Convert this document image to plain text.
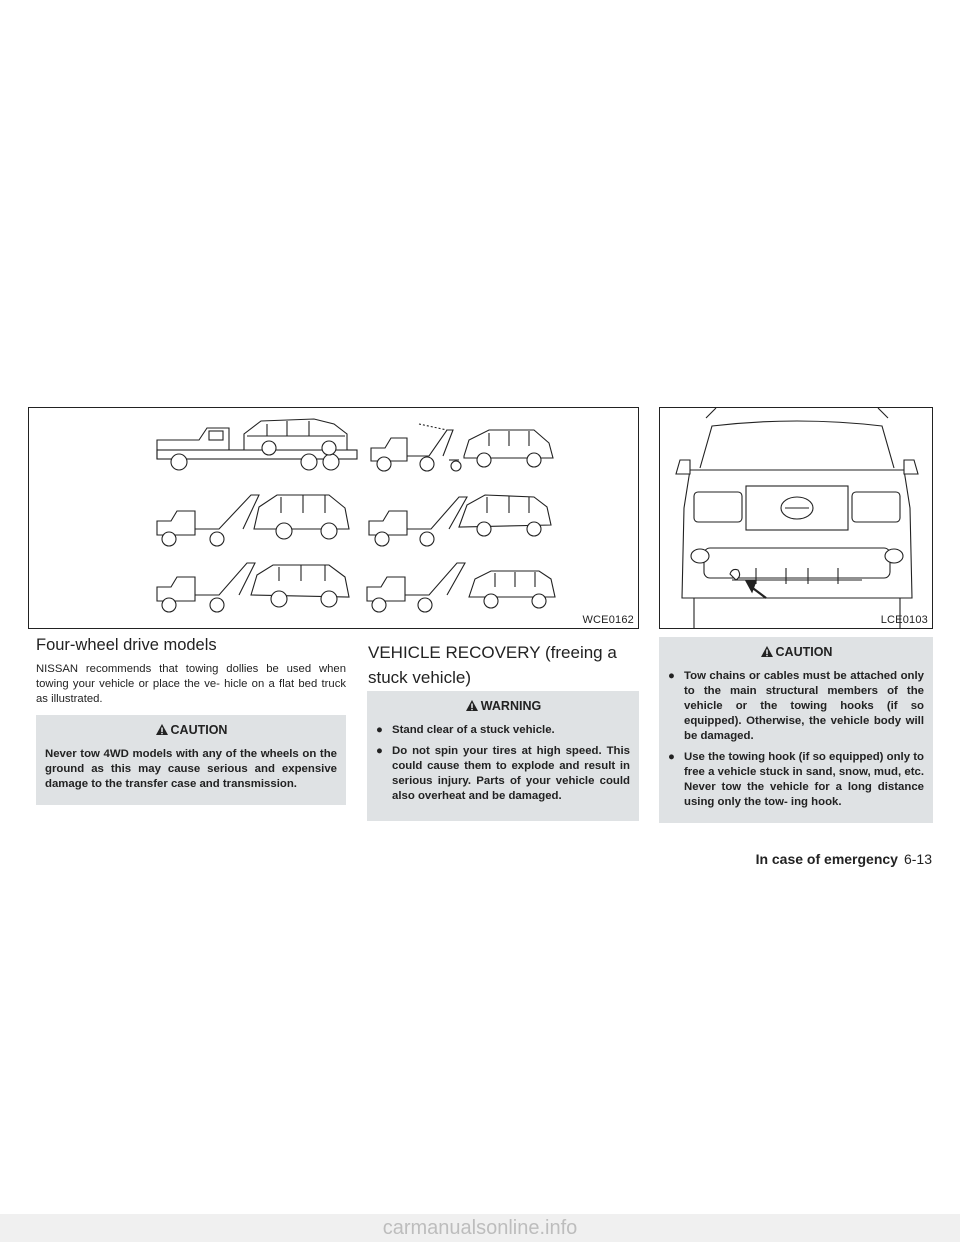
WCE0162	LCE0103
Four-wheel drive models
NISSAN recommends that towing dollies be used when towing your vehicle or place the ve- hicle on a flat bed truck as illustrated.
CAUTION
Never tow 4WD models with any of the wheels on the ground as this may cause serious and expensive damage to the transfer case and transmission.
VEHICLE RECOVERY (freeing a stuck vehicle)
WARNING
● Stand clear of a stuck vehicle.
● Do not spin your tires at high speed. This could cause them to explode and result in serious injury. Parts of your vehicle could also overheat and be damaged.
CAUTION
● Tow chains or cables must be attached only to the main structural members of the vehicle or the towing hooks (if so equipped). Otherwise, the vehicle body will be damaged.
● Use the towing hook (if so equipped) only to free a vehicle stuck in sand, snow, mud, etc. Never tow the vehicle for a long distance using only the tow- ing hook.
In case of emergency 6-13
carmanualsonline.info
